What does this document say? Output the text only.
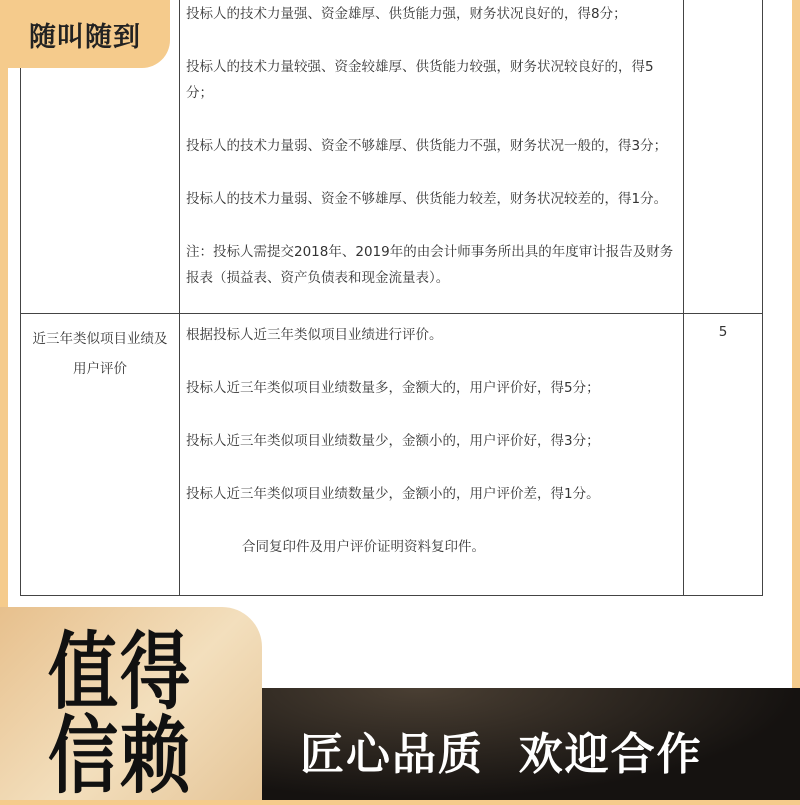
	投标人的技术力量强、资金雄厚、供货能力强，财务状况良好的，得8分；

投标人的技术力量较强、资金较雄厚、供货能力较强，财务状况较良好的，得5分；

投标人的技术力量弱、资金不够雄厚、供货能力不强，财务状况一般的，得3分；

投标人的技术力量弱、资金不够雄厚、供货能力较差，财务状况较差的，得1分。

注：投标人需提交2018年、2019年的由会计师事务所出具的年度审计报告及财务报表（损益表、资产负债表和现金流量表）。	

近三年类似项目业绩及用户评价	根据投标人近三年类似项目业绩进行评价。

投标人近三年类似项目业绩数量多，金额大的，用户评价好，得5分；

投标人近三年类似项目业绩数量少，金额小的，用户评价好，得3分；

投标人近三年类似项目业绩数量少，金额小的，用户评价差，得1分。

合同复印件及用户评价证明资料复印件。	5
随叫随到
值得
信赖 匠心品质  欢迎合作
